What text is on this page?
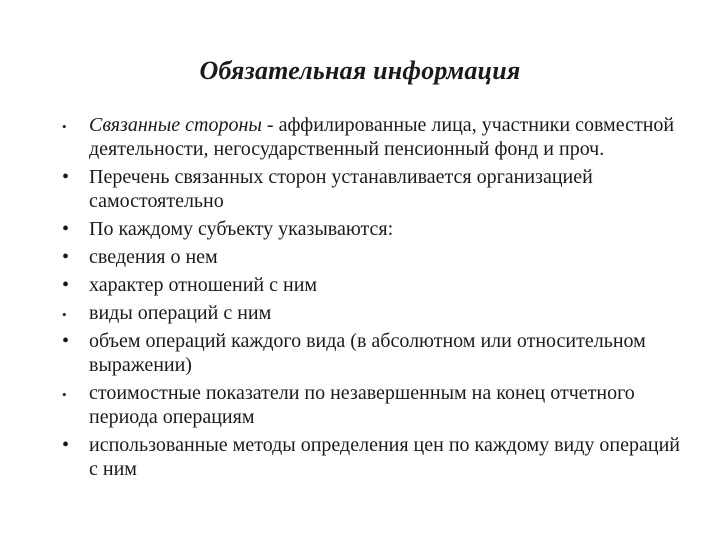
Обязательная информация
• Связанные стороны - аффилированные лица, участники совместной деятельности, негосударственный пенсионный фонд и проч.
• Перечень связанных сторон устанавливается организацией самостоятельно
• По каждому субъекту указываются:
• сведения о нем
• характер отношений с ним
• виды операций с ним
• объем операций каждого вида (в абсолютном или относительном выражении)
• стоимостные показатели по незавершенным на конец отчетного периода операциям
• использованные методы определения цен по каждому виду операций с ним
